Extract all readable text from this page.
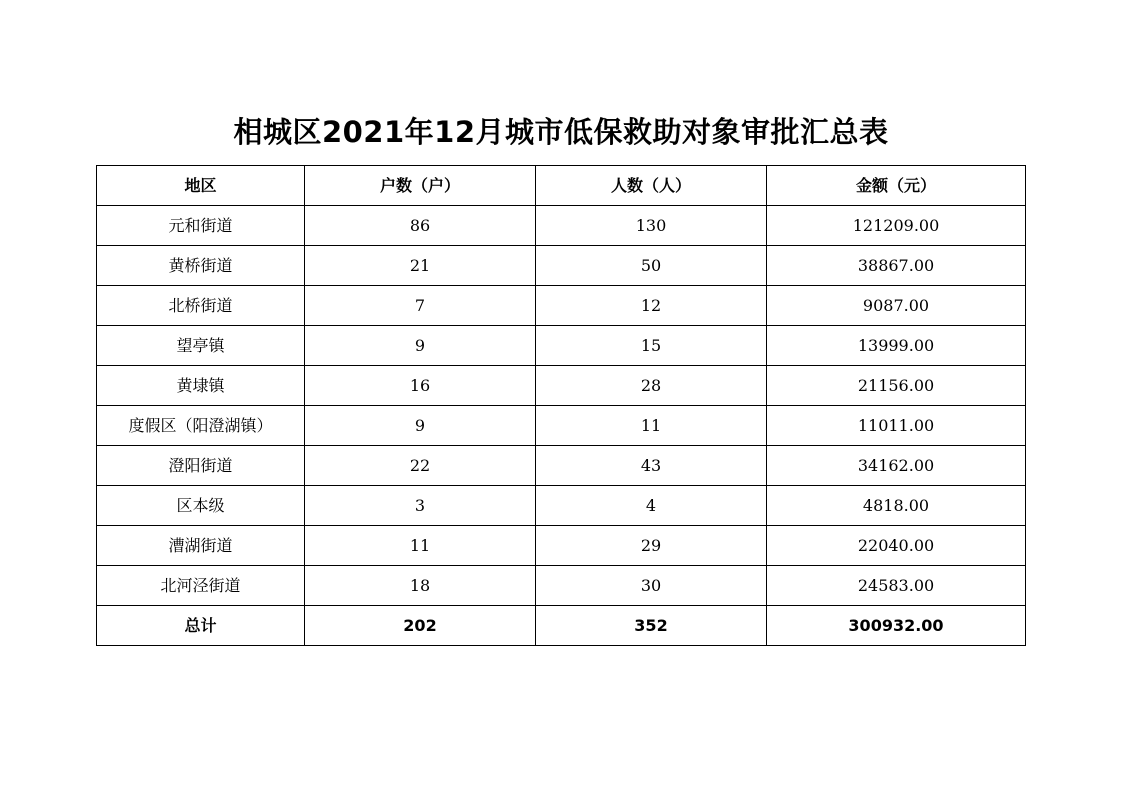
相城区2021年12月城市低保救助对象审批汇总表
地区	户数（户）	人数（人）	金额（元）
元和街道	86	130	121209.00
黄桥街道	21	50	38867.00
北桥街道	7	12	9087.00
望亭镇	9	15	13999.00
黄埭镇	16	28	21156.00
度假区（阳澄湖镇）	9	11	11011.00
澄阳街道	22	43	34162.00
区本级	3	4	4818.00
漕湖街道	11	29	22040.00
北河泾街道	18	30	24583.00
总计	202	352	300932.00
